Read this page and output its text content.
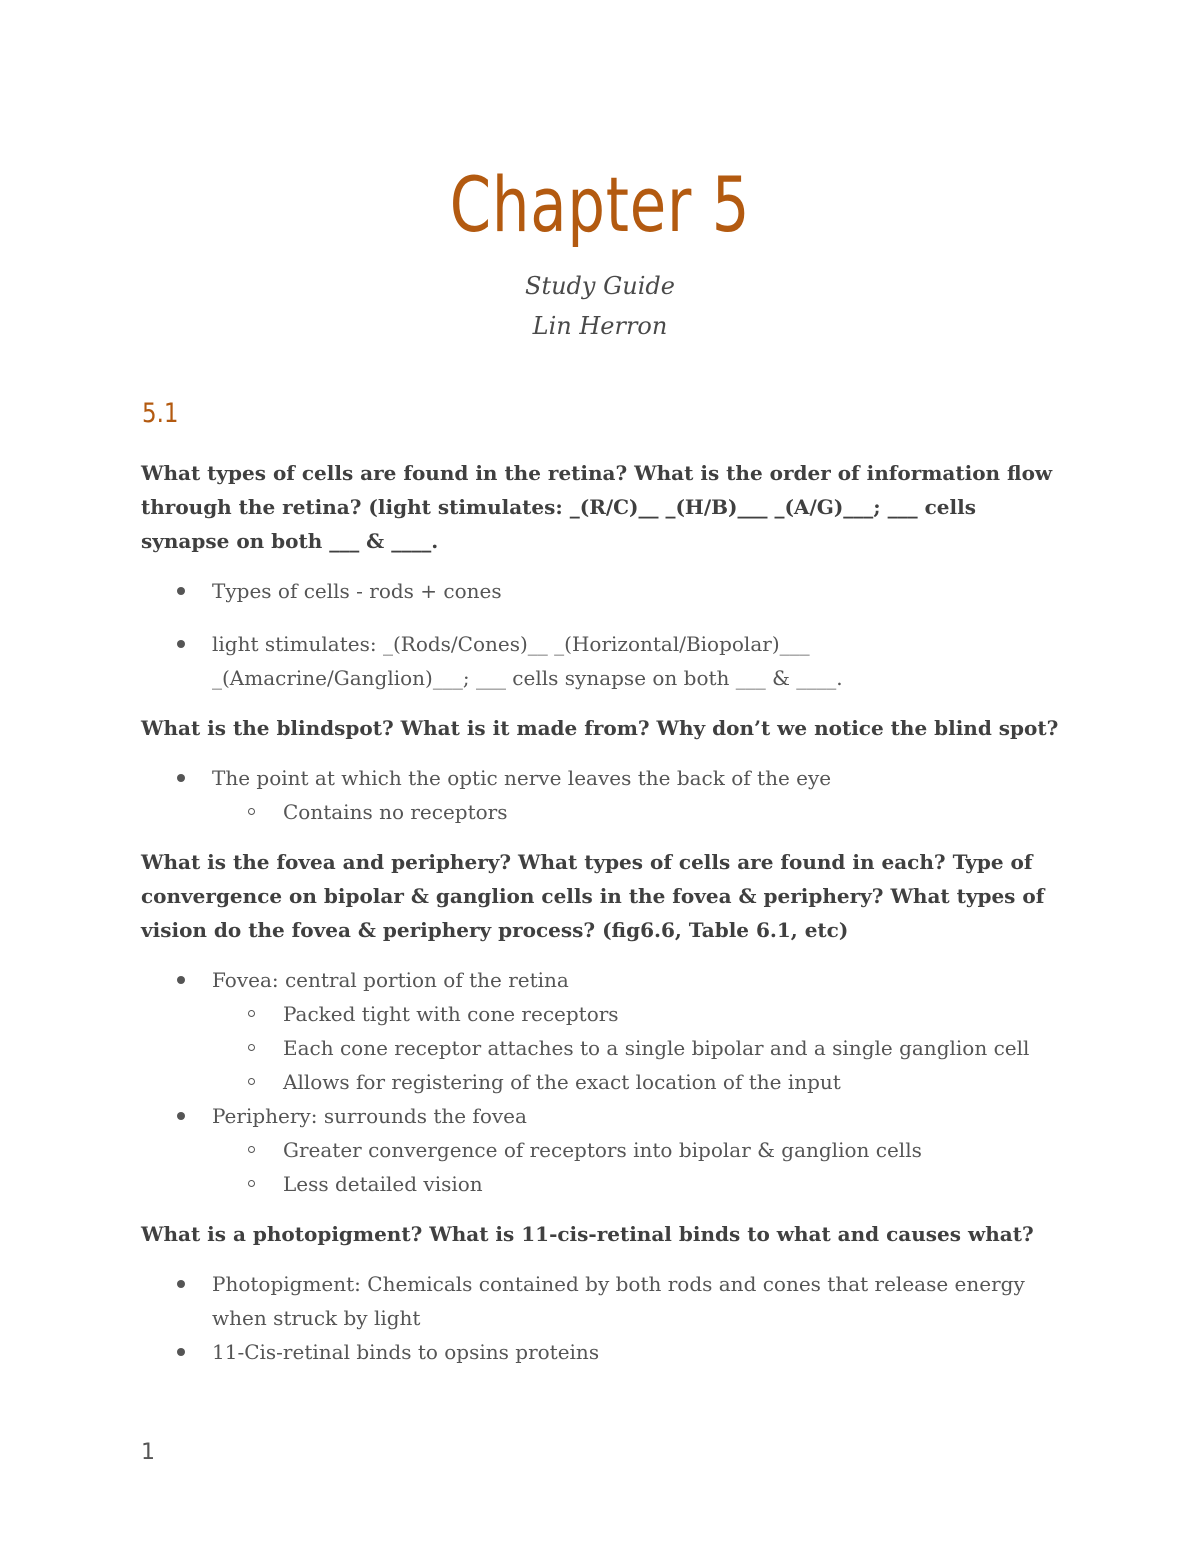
Chapter 5
Study Guide
Lin Herron
5.1

What types of cells are found in the retina? What is the order of information flow through the retina? (light stimulates: _(R/C)__ _(H/B)___ _(A/G)___; ___ cells synapse on both ___ & ____.

Types of cells - rods + cones
light stimulates: _(Rods/Cones)__ _(Horizontal/Biopolar)___ _(Amacrine/Ganglion)___; ___ cells synapse on both ___ & ____.

What is the blindspot? What is it made from? Why don’t we notice the blind spot?

The point at which the optic nerve leaves the back of the eye
Contains no receptors

What is the fovea and periphery? What types of cells are found in each? Type of convergence on bipolar & ganglion cells in the fovea & periphery? What types of vision do the fovea & periphery process? (fig6.6, Table 6.1, etc)

Fovea: central portion of the retina
Packed tight with cone receptors
Each cone receptor attaches to a single bipolar and a single ganglion cell
Allows for registering of the exact location of the input
Periphery: surrounds the fovea
Greater convergence of receptors into bipolar & ganglion cells
Less detailed vision

What is a photopigment? What is 11-cis-retinal binds to what and causes what?

Photopigment: Chemicals contained by both rods and cones that release energy when struck by light
11-Cis-retinal binds to opsins proteins
1
